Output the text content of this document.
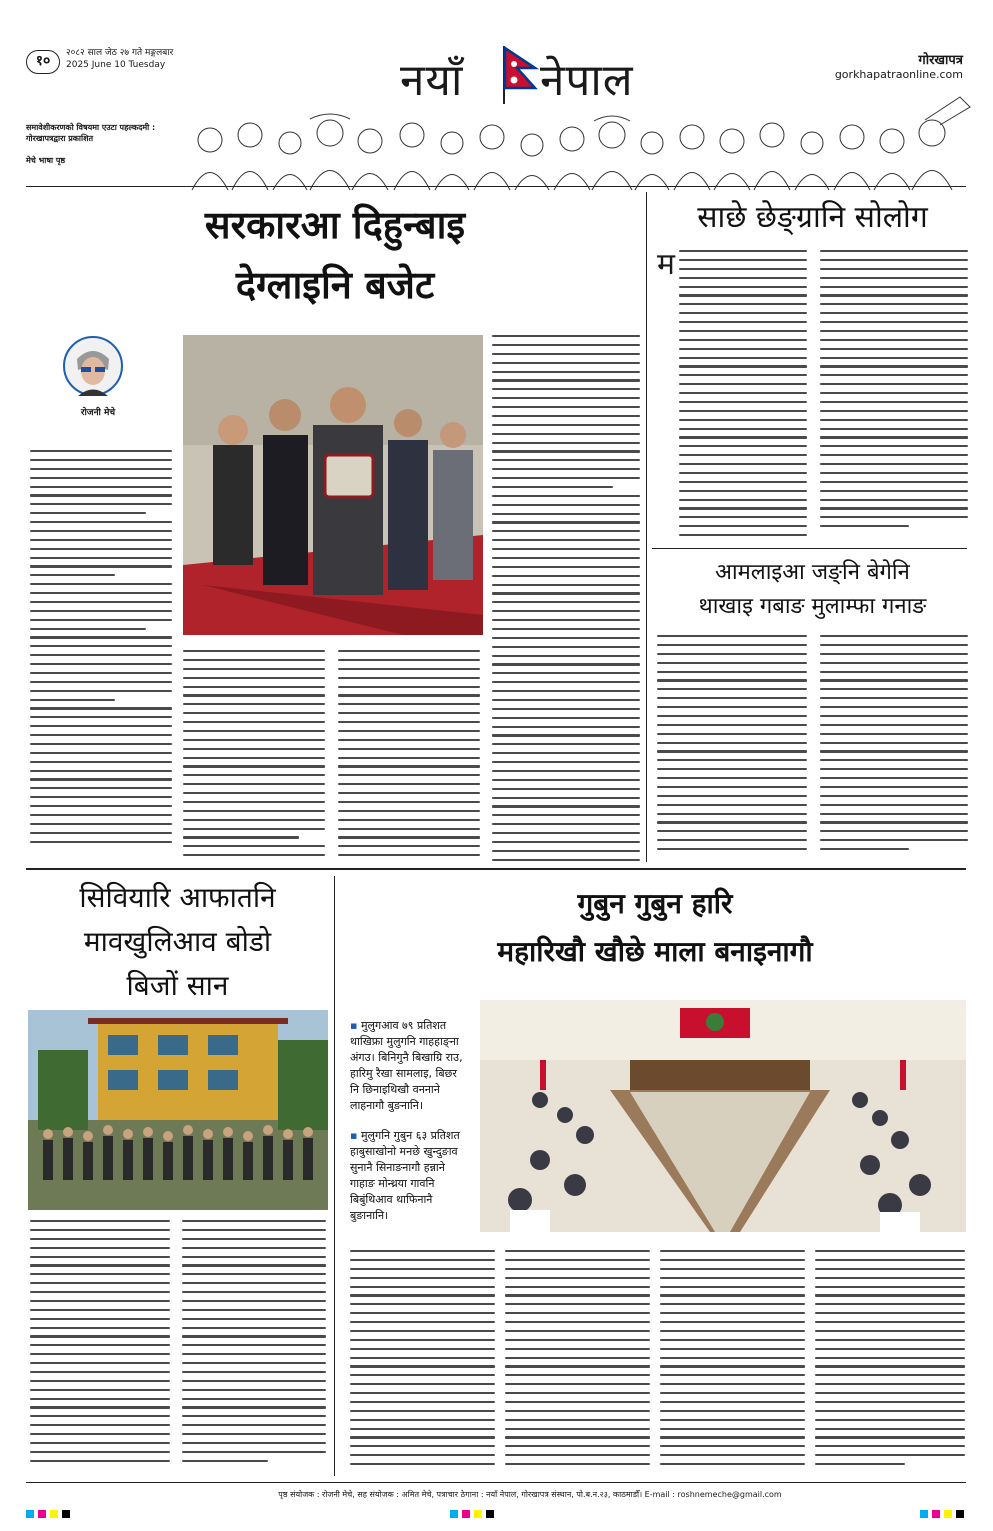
१०	२०८२ साल जेठ २७ गते मङ्गलबार
2025 June 10 Tuesday	नयाँ नेपाल	गोरखापत्र
gorkhapatraonline.com
समावेशीकरणको विषयमा एउटा पहल्कदमी : गोरखापत्रद्वारा प्रकाशित
मेचे भाषा पृष्ठ
सरकारआ दिहुन्बाइ
देग्लाइनि बजेट
रोजनी मेचे
साछे छेङ्ग्रानि सोलोग
म
आमलाइआ जङ्नि बेगेनि
थाखाइ गबाङ मुलाम्फा गनाङ
सिवियारि आफातनि
मावखुलिआव बोडो
बिजों सान
गुबुन गुबुन हारि
महारिखौ खौछे माला बनाइनागौ
▪ मुलुगआव ७९ प्रतिशत थाखिफ्रा मुलुगनि गाहहाङ्ना अंगउ। बिनिगुनै बिखाग्रि राउ, हारिमु रैखा सामलाइ, बिछर नि छिनाइथिखौ वननाने लाहनागौ बुङनानि।
▪ मुलुगनि गुबुन ६३ प्रतिशत हाबुसाखोनो मनछे खुन्दुङाव सुनानै सिनाङनागौ हन्नाने गाहाङ मोन्थ्रया गावनि बिबुंथिआव थाफिनानै बुङानानि।
पृष्ठ संयोजक : रोजनी मेचे, सह संयोजक : अमित मेचे, पत्राचार ठेगाना : नयाँ नेपाल, गोरखापत्र संस्थान, पो.ब.न.२३, काठमाडौँ। E-mail : roshnemeche@gmail.com
